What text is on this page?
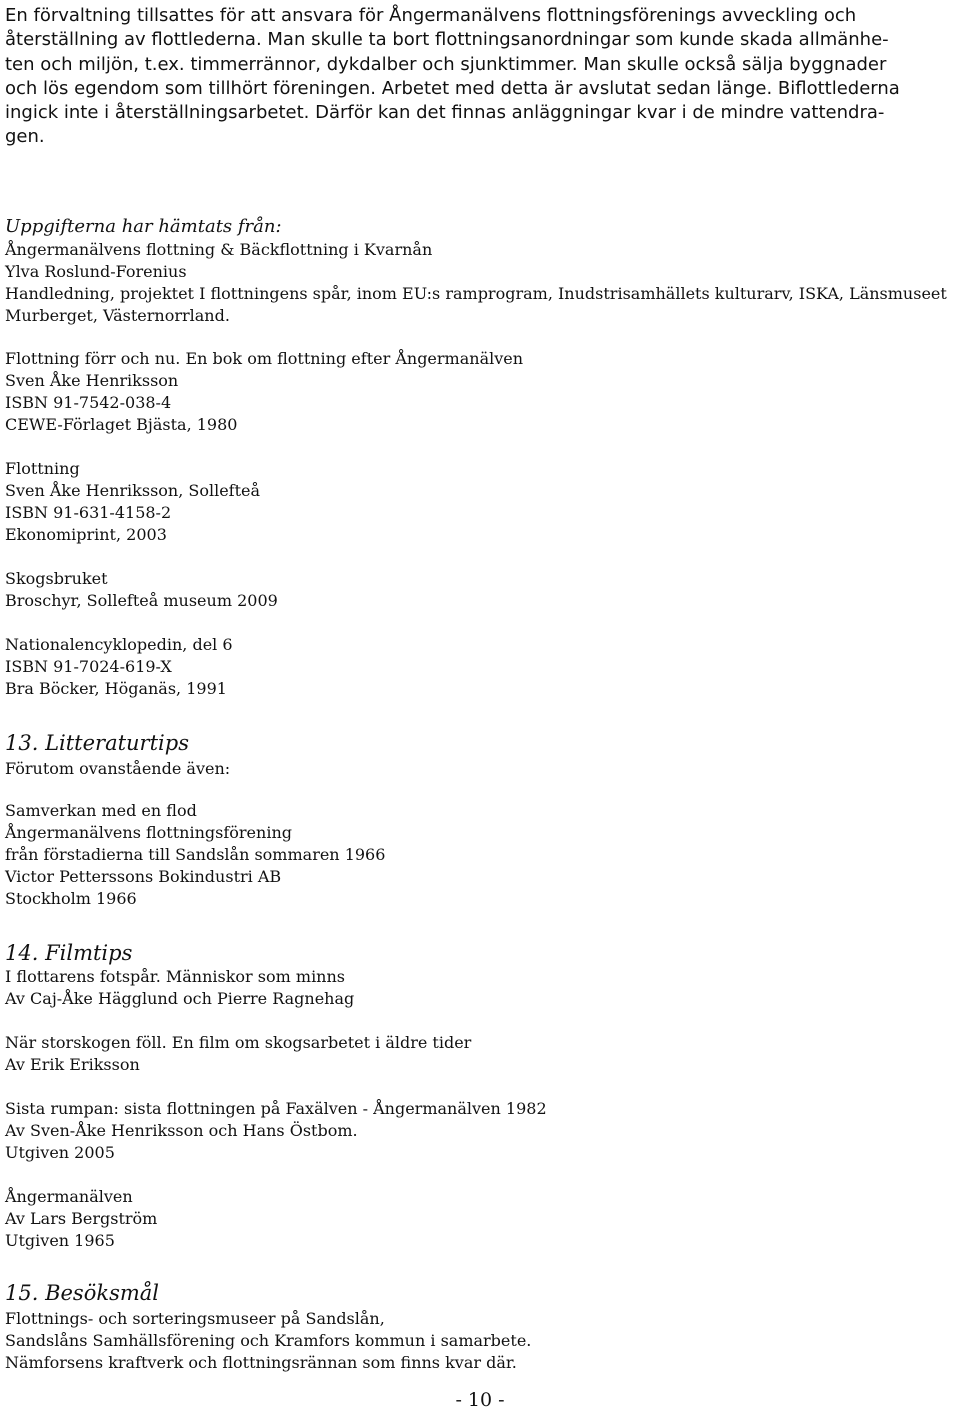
En förvaltning tillsattes för att ansvara för Ångermanälvens flottningsförenings avveckling och
återställning av flottlederna. Man skulle ta bort flottningsanordningar som kunde skada allmänhe-
ten och miljön, t.ex. timmerrännor, dykdalber och sjunktimmer. Man skulle också sälja byggnader
och lös egendom som tillhört föreningen. Arbetet med detta är avslutat sedan länge. Biflottlederna
ingick inte i återställningsarbetet. Därför kan det finnas anläggningar kvar i de mindre vattendra-
gen.
Uppgifterna har hämtats från:
Ångermanälvens flottning & Bäckflottning i Kvarnån
Ylva Roslund-Forenius
Handledning, projektet I flottningens spår, inom EU:s ramprogram, Inudstrisamhällets kulturarv, ISKA, Länsmuseet
Murberget, Västernorrland.
Flottning förr och nu. En bok om flottning efter Ångermanälven
Sven Åke Henriksson
ISBN 91-7542-038-4
CEWE-Förlaget Bjästa, 1980
Flottning
Sven Åke Henriksson, Sollefteå
ISBN 91-631-4158-2
Ekonomiprint, 2003
Skogsbruket
Broschyr, Sollefteå museum 2009
Nationalencyklopedin, del 6
ISBN 91-7024-619-X
Bra Böcker, Höganäs, 1991
13. Litteraturtips
Förutom ovanstående även:
Samverkan med en flod
Ångermanälvens flottningsförening
från förstadierna till Sandslån sommaren 1966
Victor Petterssons Bokindustri AB
Stockholm 1966
14. Filmtips
I flottarens fotspår. Människor som minns
Av Caj-Åke Hägglund och Pierre Ragnehag
När storskogen föll. En film om skogsarbetet i äldre tider
Av Erik Eriksson
Sista rumpan: sista flottningen på Faxälven - Ångermanälven 1982
Av Sven-Åke Henriksson och Hans Östbom.
Utgiven 2005
Ångermanälven
Av Lars Bergström
Utgiven 1965
15. Besöksmål
Flottnings- och sorteringsmuseer på Sandslån,
Sandslåns Samhällsförening och Kramfors kommun i samarbete.
Nämforsens kraftverk och flottningsrännan som finns kvar där.
- 10 -
